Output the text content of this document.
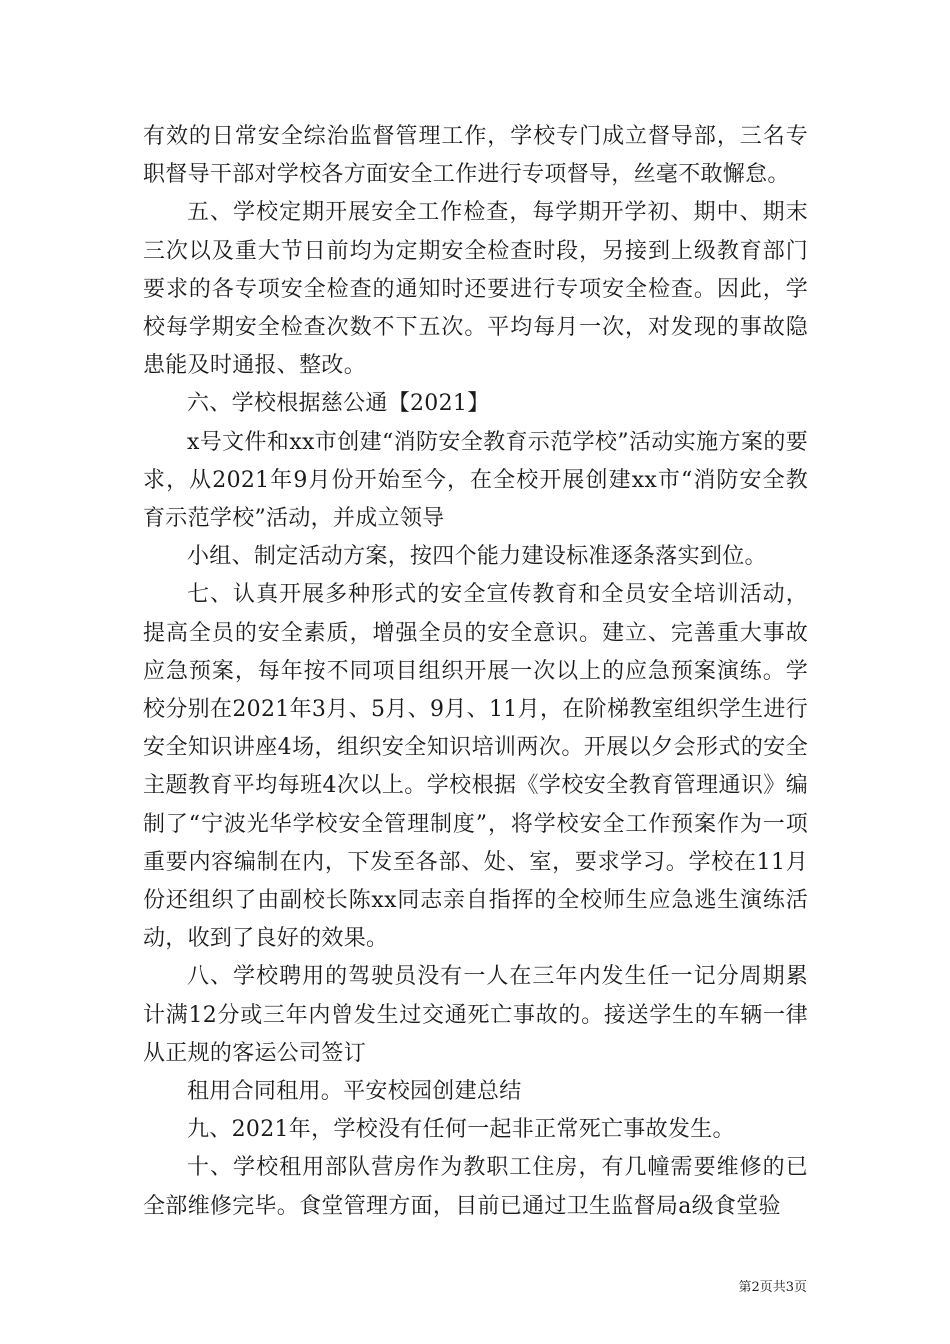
有效的日常安全综治监督管理工作，学校专门成立督导部，三名专职督导干部对学校各方面安全工作进行专项督导，丝毫不敢懈怠。

五、学校定期开展安全工作检查，每学期开学初、期中、期末三次以及重大节日前均为定期安全检查时段，另接到上级教育部门要求的各专项安全检查的通知时还要进行专项安全检查。因此，学校每学期安全检查次数不下五次。平均每月一次，对发现的事故隐患能及时通报、整改。

六、学校根据慈公通【2021】

x号文件和xx市创建“消防安全教育示范学校”活动实施方案的要求，从2021年9月份开始至今，在全校开展创建xx市“消防安全教育示范学校”活动，并成立领导

小组、制定活动方案，按四个能力建设标准逐条落实到位。

七、认真开展多种形式的安全宣传教育和全员安全培训活动，提高全员的安全素质，增强全员的安全意识。建立、完善重大事故应急预案，每年按不同项目组织开展一次以上的应急预案演练。学校分别在2021年3月、5月、9月、11月，在阶梯教室组织学生进行安全知识讲座4场，组织安全知识培训两次。开展以夕会形式的安全主题教育平均每班4次以上。学校根据《学校安全教育管理通识》编制了“宁波光华学校安全管理制度”，将学校安全工作预案作为一项重要内容编制在内，下发至各部、处、室，要求学习。学校在11月份还组织了由副校长陈xx同志亲自指挥的全校师生应急逃生演练活动，收到了良好的效果。

八、学校聘用的驾驶员没有一人在三年内发生任一记分周期累计满12分或三年内曾发生过交通死亡事故的。接送学生的车辆一律从正规的客运公司签订

租用合同租用。平安校园创建总结

九、2021年，学校没有任何一起非正常死亡事故发生。

十、学校租用部队营房作为教职工住房，有几幢需要维修的已全部维修完毕。食堂管理方面，目前已通过卫生监督局a级食堂验

第2页共3页
